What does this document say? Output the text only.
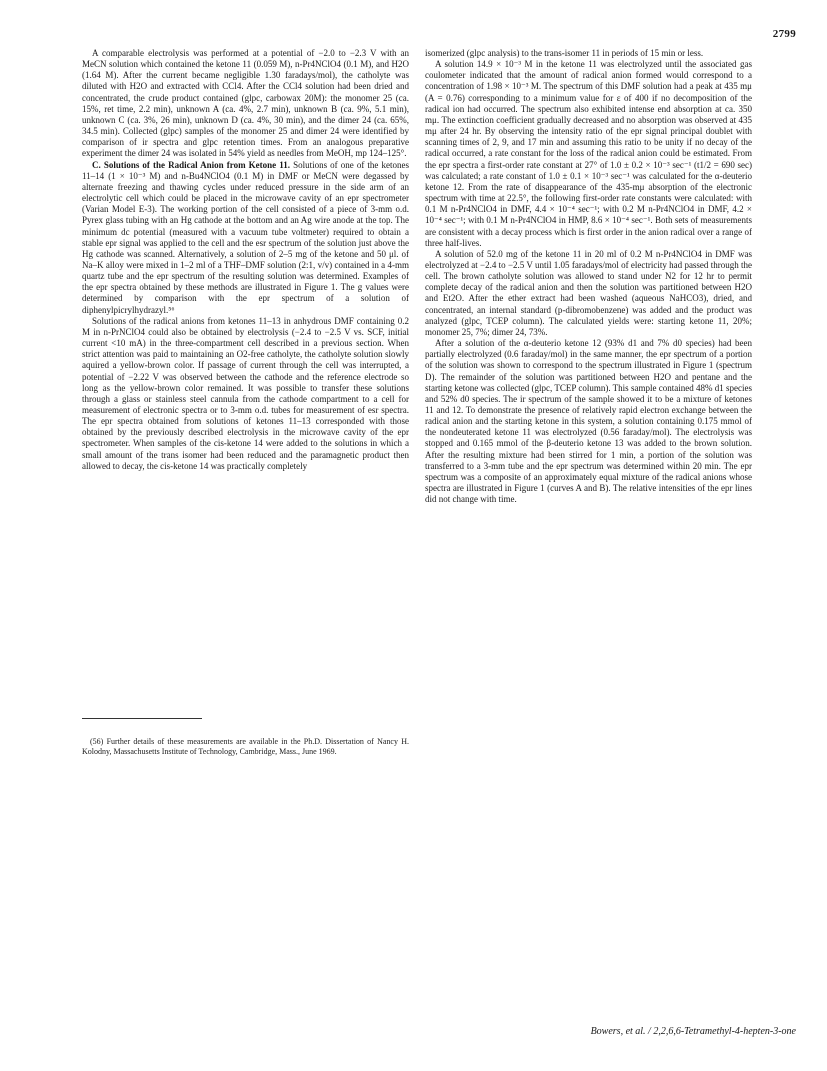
2799

A comparable electrolysis was performed at a potential of −2.0 to −2.3 V with an MeCN solution which contained the ketone 11 (0.059 M), n-Pr4NClO4 (0.1 M), and H2O (1.64 M). After the current became negligible 1.30 faradays/mol), the catholyte was diluted with H2O and extracted with CCl4. After the CCl4 solution had been dried and concentrated, the crude product contained (glpc, carbowax 20M): the monomer 25 (ca. 15%, ret time, 2.2 min), unknown A (ca. 4%, 2.7 min), unknown B (ca. 9%, 5.1 min), unknown C (ca. 3%, 26 min), unknown D (ca. 4%, 30 min), and the dimer 24 (ca. 65%, 34.5 min). Collected (glpc) samples of the monomer 25 and dimer 24 were identified by comparison of ir spectra and glpc retention times. From an analogous preparative experiment the dimer 24 was isolated in 54% yield as needles from MeOH, mp 124–125°.

C. Solutions of the Radical Anion from Ketone 11. Solutions of one of the ketones 11–14 (1 × 10⁻³ M) and n-Bu4NClO4 (0.1 M) in DMF or MeCN were degassed by alternate freezing and thawing cycles under reduced pressure in the side arm of an electrolytic cell which could be placed in the microwave cavity of an epr spectrometer (Varian Model E-3). The working portion of the cell consisted of a piece of 3-mm o.d. Pyrex glass tubing with an Hg cathode at the bottom and an Ag wire anode at the top. The minimum dc potential (measured with a vacuum tube voltmeter) required to obtain a stable epr signal was applied to the cell and the esr spectrum of the solution just above the Hg cathode was scanned. Alternatively, a solution of 2–5 mg of the ketone and 50 μl. of Na–K alloy were mixed in 1–2 ml of a THF–DMF solution (2:1, v/v) contained in a 4-mm quartz tube and the epr spectrum of the resulting solution was determined. Examples of the epr spectra obtained by these methods are illustrated in Figure 1. The g values were determined by comparison with the epr spectrum of a solution of diphenylpicrylhydrazyl.⁵⁶

Solutions of the radical anions from ketones 11–13 in anhydrous DMF containing 0.2 M in n-PrNClO4 could also be obtained by electrolysis (−2.4 to −2.5 V vs. SCF, initial current <10 mA) in the three-compartment cell described in a previous section. When strict attention was paid to maintaining an O2-free catholyte, the catholyte solution slowly aquired a yellow-brown color. If passage of current through the cell was interrupted, a potential of −2.22 V was observed between the cathode and the reference electrode so long as the yellow-brown color remained. It was possible to transfer these solutions through a glass or stainless steel cannula from the cathode compartment to a cell for measurement of electronic spectra or to 3-mm o.d. tubes for measurement of esr spectra. The epr spectra obtained from solutions of ketones 11–13 corresponded with those obtained by the previously described electrolysis in the microwave cavity of the epr spectrometer. When samples of the cis-ketone 14 were added to the solutions in which a small amount of the trans isomer had been reduced and the paramagnetic product then allowed to decay, the cis-ketone 14 was practically completely

isomerized (glpc analysis) to the trans-isomer 11 in periods of 15 min or less.

A solution 14.9 × 10⁻³ M in the ketone 11 was electrolyzed until the associated gas coulometer indicated that the amount of radical anion formed would correspond to a concentration of 1.98 × 10⁻³ M. The spectrum of this DMF solution had a peak at 435 mμ (A = 0.76) corresponding to a minimum value for ε of 400 if no decomposition of the radical ion had occurred. The spectrum also exhibited intense end absorption at ca. 350 mμ. The extinction coefficient gradually decreased and no absorption was observed at 435 mμ after 24 hr. By observing the intensity ratio of the epr signal principal doublet with scanning times of 2, 9, and 17 min and assuming this ratio to be unity if no decay of the radical occurred, a rate constant for the loss of the radical anion could be estimated. From the epr spectra a first-order rate constant at 27° of 1.0 ± 0.2 × 10⁻³ sec⁻¹ (t1/2 = 690 sec) was calculated; a rate constant of 1.0 ± 0.1 × 10⁻³ sec⁻¹ was calculated for the α-deuterio ketone 12. From the rate of disappearance of the 435-mμ absorption of the electronic spectrum with time at 22.5°, the following first-order rate constants were calculated: with 0.1 M n-Pr4NClO4 in DMF, 4.4 × 10⁻⁴ sec⁻¹; with 0.2 M n-Pr4NClO4 in DMF, 4.2 × 10⁻⁴ sec⁻¹; with 0.1 M n-Pr4NClO4 in HMP, 8.6 × 10⁻⁴ sec⁻¹. Both sets of measurements are consistent with a decay process which is first order in the anion radical over a range of three half-lives.

A solution of 52.0 mg of the ketone 11 in 20 ml of 0.2 M n-Pr4NClO4 in DMF was electrolyzed at −2.4 to −2.5 V until 1.05 faradays/mol of electricity had passed through the cell. The brown catholyte solution was allowed to stand under N2 for 12 hr to permit complete decay of the radical anion and then the solution was partitioned between H2O and Et2O. After the ether extract had been washed (aqueous NaHCO3), dried, and concentrated, an internal standard (p-dibromobenzene) was added and the product was analyzed (glpc, TCEP column). The calculated yields were: starting ketone 11, 20%; monomer 25, 7%; dimer 24, 73%.

After a solution of the α-deuterio ketone 12 (93% d1 and 7% d0 species) had been partially electrolyzed (0.6 faraday/mol) in the same manner, the epr spectrum of a portion of the solution was shown to correspond to the spectrum illustrated in Figure 1 (spectrum D). The remainder of the solution was partitioned between H2O and pentane and the starting ketone was collected (glpc, TCEP column). This sample contained 48% d1 species and 52% d0 species. The ir spectrum of the sample showed it to be a mixture of ketones 11 and 12. To demonstrate the presence of relatively rapid electron exchange between the radical anion and the starting ketone in this system, a solution containing 0.175 mmol of the nondeuterated ketone 11 was electrolyzed (0.56 faraday/mol). The electrolysis was stopped and 0.165 mmol of the β-deuterio ketone 13 was added to the brown solution. After the resulting mixture had been stirred for 1 min, a portion of the solution was transferred to a 3-mm tube and the epr spectrum was determined within 20 min. The epr spectrum was a composite of an approximately equal mixture of the radical anions whose spectra are illustrated in Figure 1 (curves A and B). The relative intensities of the epr lines did not change with time.

(56) Further details of these measurements are available in the Ph.D. Dissertation of Nancy H. Kolodny, Massachusetts Institute of Technology, Cambridge, Mass., June 1969.

Bowers, et al. / 2,2,6,6-Tetramethyl-4-hepten-3-one
